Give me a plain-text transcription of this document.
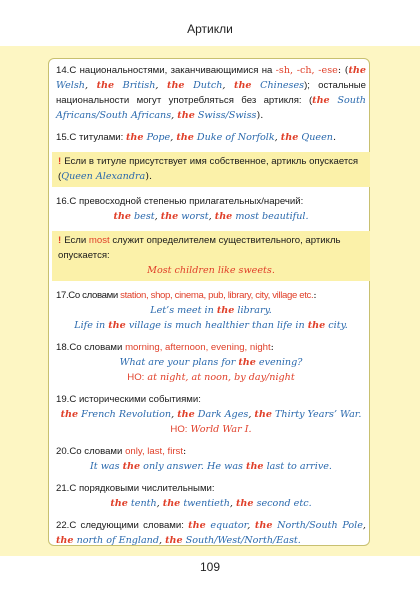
Артикли
14.С национальностями, заканчивающимися на -sh, -ch, -ese: (the Welsh, the British, the Dutch, the Chineses); остальные национальности могут употребляться без артикля: (the South Africans/South Africans, the Swiss/Swiss).
15.С титулами: the Pope, the Duke of Norfolk, the Queen.
! Если в титуле присутствует имя собственное, артикль опускается (Queen Alexandra).

16.С превосходной степенью прилагательных/наречий:

the best, the worst, the most beautiful.

! Если most служит определителем существительного, артикль опускается:

Most children like sweets.

17.Со словами station, shop, cinema, pub, library, city, village etc.:

Let’s meet in the library.

Life in the village is much healthier than life in the city.

18.Со словами morning, afternoon, evening, night:

What are your plans for the evening?

НО: at night, at noon, by day/night

19.С историческими событиями:

the French Revolution, the Dark Ages, the Thirty Years’ War.

НО: World War I.

20.Со словами only, last, first:

It was the only answer. He was the last to arrive.

21.С порядковыми числительными:

the tenth, the twentieth, the second etc.

22.С следующими словами: the equator, the North/South Pole, the north of England, the South/West/North/East.
109
